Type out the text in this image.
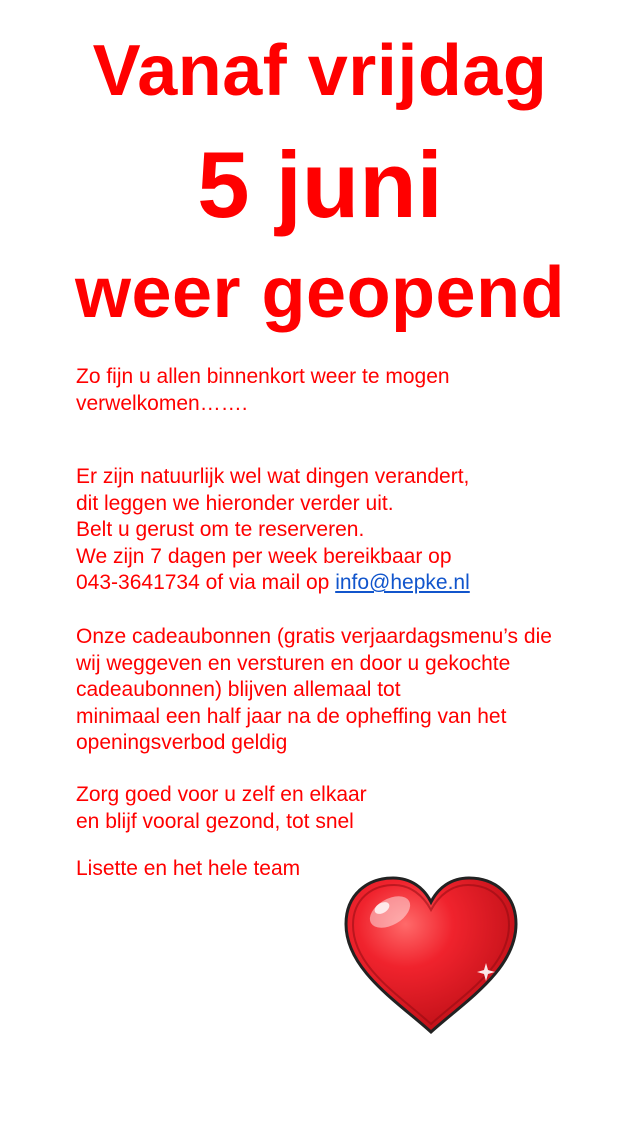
Vanaf vrijdag
5 juni
weer geopend

Zo fijn u allen binnenkort weer te mogen
verwelkomen…….

Er zijn natuurlijk wel wat dingen verandert,
dit leggen we hieronder verder uit.
Belt u gerust om te reserveren.
We zijn 7 dagen per week bereikbaar op
043-3641734 of via mail op info@hepke.nl

Onze cadeaubonnen (gratis verjaardagsmenu’s die
wij weggeven en versturen en door u gekochte
cadeaubonnen) blijven allemaal tot
minimaal een half jaar na de opheffing van het
openingsverbod geldig

Zorg goed voor u zelf en elkaar
en blijf vooral gezond, tot snel

Lisette en het hele team
